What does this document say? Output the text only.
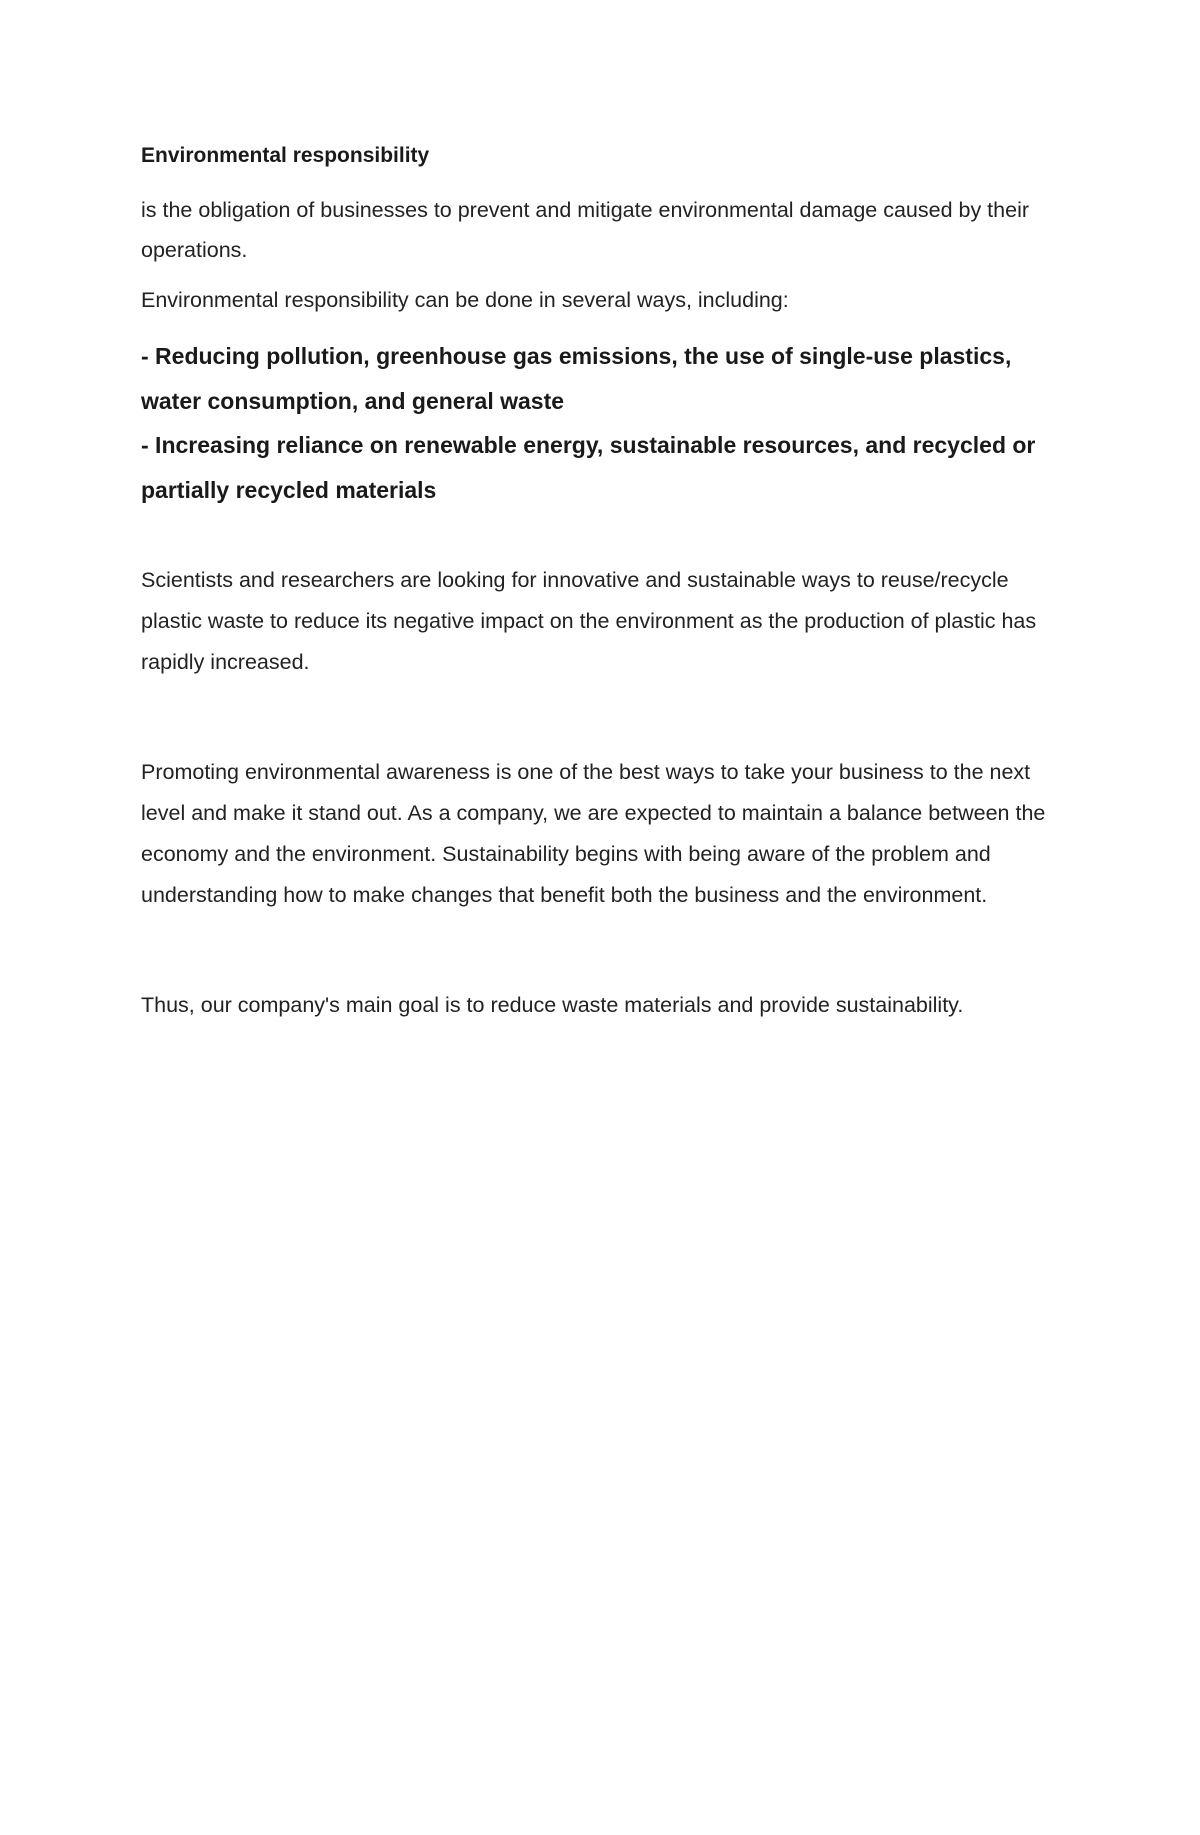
Environmental responsibility

is the obligation of businesses to prevent and mitigate environmental damage caused by their operations.

Environmental responsibility can be done in several ways, including:

- Reducing pollution, greenhouse gas emissions, the use of single-use plastics, water consumption, and general waste
- Increasing reliance on renewable energy, sustainable resources, and recycled or partially recycled materials

Scientists and researchers are looking for innovative and sustainable ways to reuse/recycle plastic waste to reduce its negative impact on the environment as the production of plastic has rapidly increased.

Promoting environmental awareness is one of the best ways to take your business to the next level and make it stand out. As a company, we are expected to maintain a balance between the economy and the environment. Sustainability begins with being aware of the problem and understanding how to make changes that benefit both the business and the environment.

Thus, our company's main goal is to reduce waste materials and provide sustainability.
